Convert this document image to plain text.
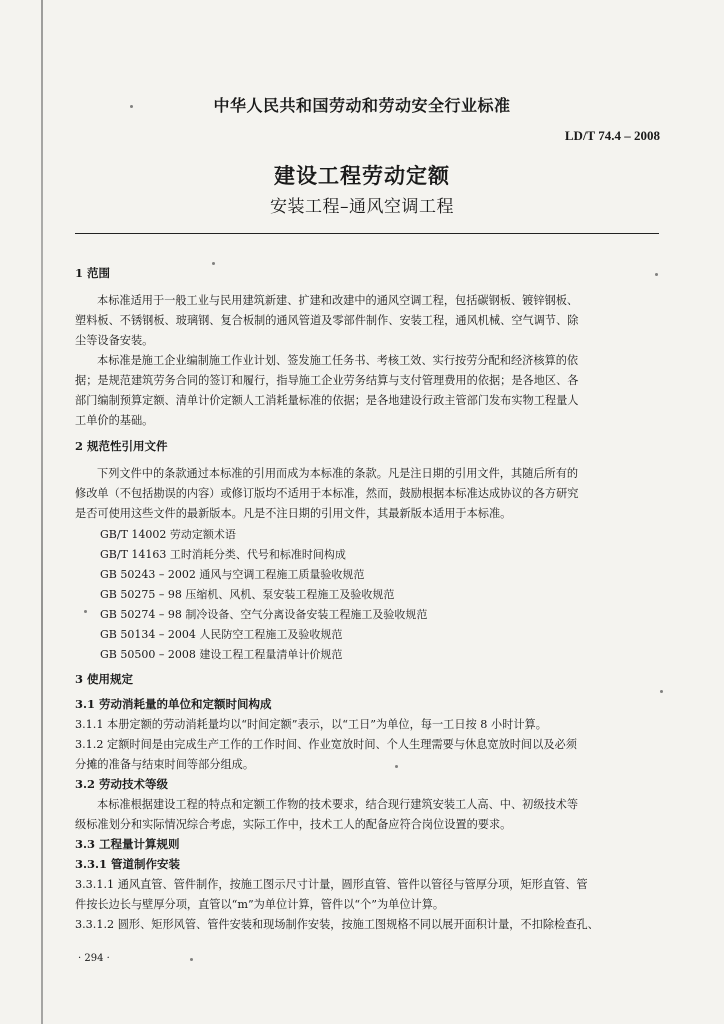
中华人民共和国劳动和劳动安全行业标准
LD/T 74.4 – 2008
建设工程劳动定额
安装工程–通风空调工程
1 范围
本标准适用于一般工业与民用建筑新建、扩建和改建中的通风空调工程，包括碳钢板、镀锌钢板、
塑料板、不锈钢板、玻璃钢、复合板制的通风管道及零部件制作、安装工程，通风机械、空气调节、除
尘等设备安装。
本标准是施工企业编制施工作业计划、签发施工任务书、考核工效、实行按劳分配和经济核算的依
据；是规范建筑劳务合同的签订和履行，指导施工企业劳务结算与支付管理费用的依据；是各地区、各
部门编制预算定额、清单计价定额人工消耗量标准的依据；是各地建设行政主管部门发布实物工程量人
工单价的基础。
2 规范性引用文件
下列文件中的条款通过本标准的引用而成为本标准的条款。凡是注日期的引用文件，其随后所有的
修改单（不包括勘误的内容）或修订版均不适用于本标准，然而，鼓励根据本标准达成协议的各方研究
是否可使用这些文件的最新版本。凡是不注日期的引用文件，其最新版本适用于本标准。
GB/T 14002 劳动定额术语
GB/T 14163 工时消耗分类、代号和标准时间构成
GB 50243 – 2002 通风与空调工程施工质量验收规范
GB 50275 – 98 压缩机、风机、泵安装工程施工及验收规范
GB 50274 – 98 制冷设备、空气分离设备安装工程施工及验收规范
GB 50134 – 2004 人民防空工程施工及验收规范
GB 50500 – 2008 建设工程工程量清单计价规范
3 使用规定
3.1 劳动消耗量的单位和定额时间构成
3.1.1 本册定额的劳动消耗量均以“时间定额”表示，以“工日”为单位，每一工日按 8 小时计算。
3.1.2 定额时间是由完成生产工作的工作时间、作业宽放时间、个人生理需要与休息宽放时间以及必须
分摊的准备与结束时间等部分组成。
3.2 劳动技术等级
本标准根据建设工程的特点和定额工作物的技术要求，结合现行建筑安装工人高、中、初级技术等
级标准划分和实际情况综合考虑，实际工作中，技术工人的配备应符合岗位设置的要求。
3.3 工程量计算规则
3.3.1 管道制作安装
3.3.1.1 通风直管、管件制作，按施工图示尺寸计量，圆形直管、管件以管径与管厚分项，矩形直管、管
件按长边长与壁厚分项，直管以“m”为单位计算，管件以“个”为单位计算。
3.3.1.2 圆形、矩形风管、管件安装和现场制作安装，按施工图规格不同以展开面积计量，不扣除检查孔、
· 294 ·
